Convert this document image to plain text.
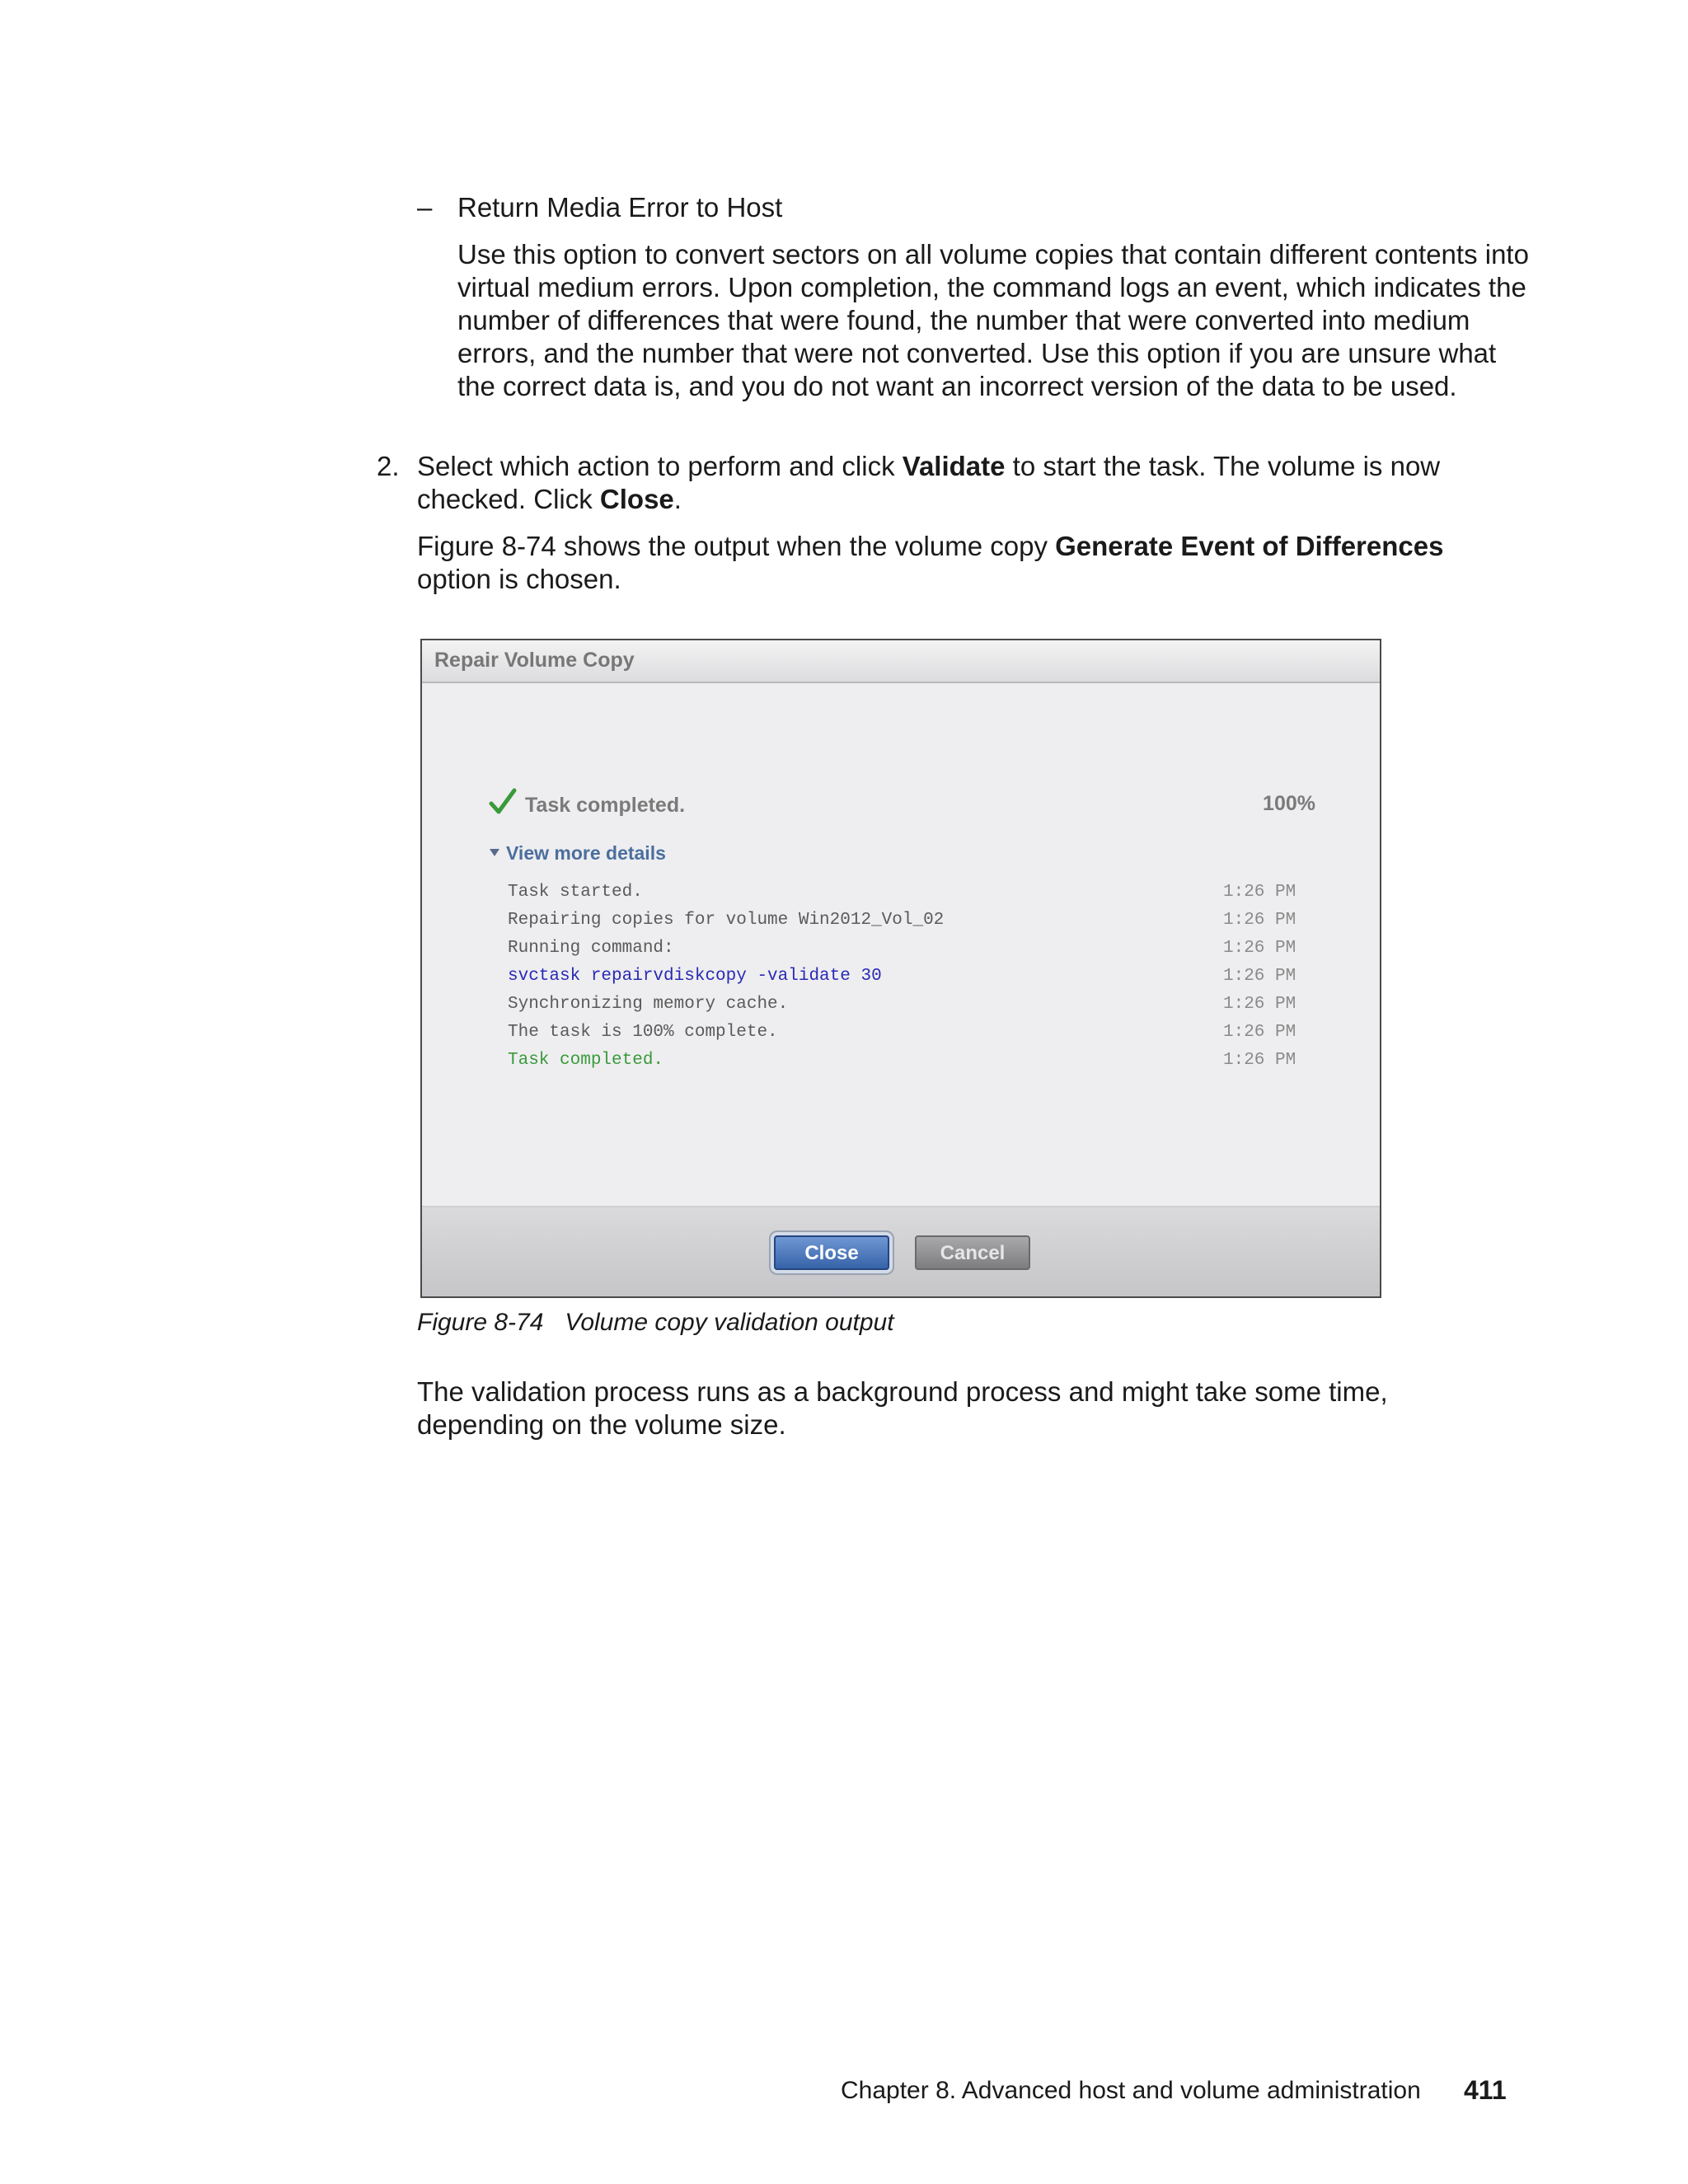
– Return Media Error to Host

Use this option to convert sectors on all volume copies that contain different contents into virtual medium errors. Upon completion, the command logs an event, which indicates the number of differences that were found, the number that were converted into medium errors, and the number that were not converted. Use this option if you are unsure what the correct data is, and you do not want an incorrect version of the data to be used.

2. Select which action to perform and click Validate to start the task. The volume is now checked. Click Close.

Figure 8-74 shows the output when the volume copy Generate Event of Differences option is chosen.

Repair Volume Copy
Task completed.	100%
View more details
Task started.	1:26 PM
Repairing copies for volume Win2012_Vol_02	1:26 PM
Running command:	1:26 PM
svctask repairvdiskcopy -validate 30	1:26 PM
Synchronizing memory cache.	1:26 PM
The task is 100% complete.	1:26 PM
Task completed.	1:26 PM
Close	Cancel

Figure 8-74 Volume copy validation output

The validation process runs as a background process and might take some time, depending on the volume size.

Chapter 8. Advanced host and volume administration 411
